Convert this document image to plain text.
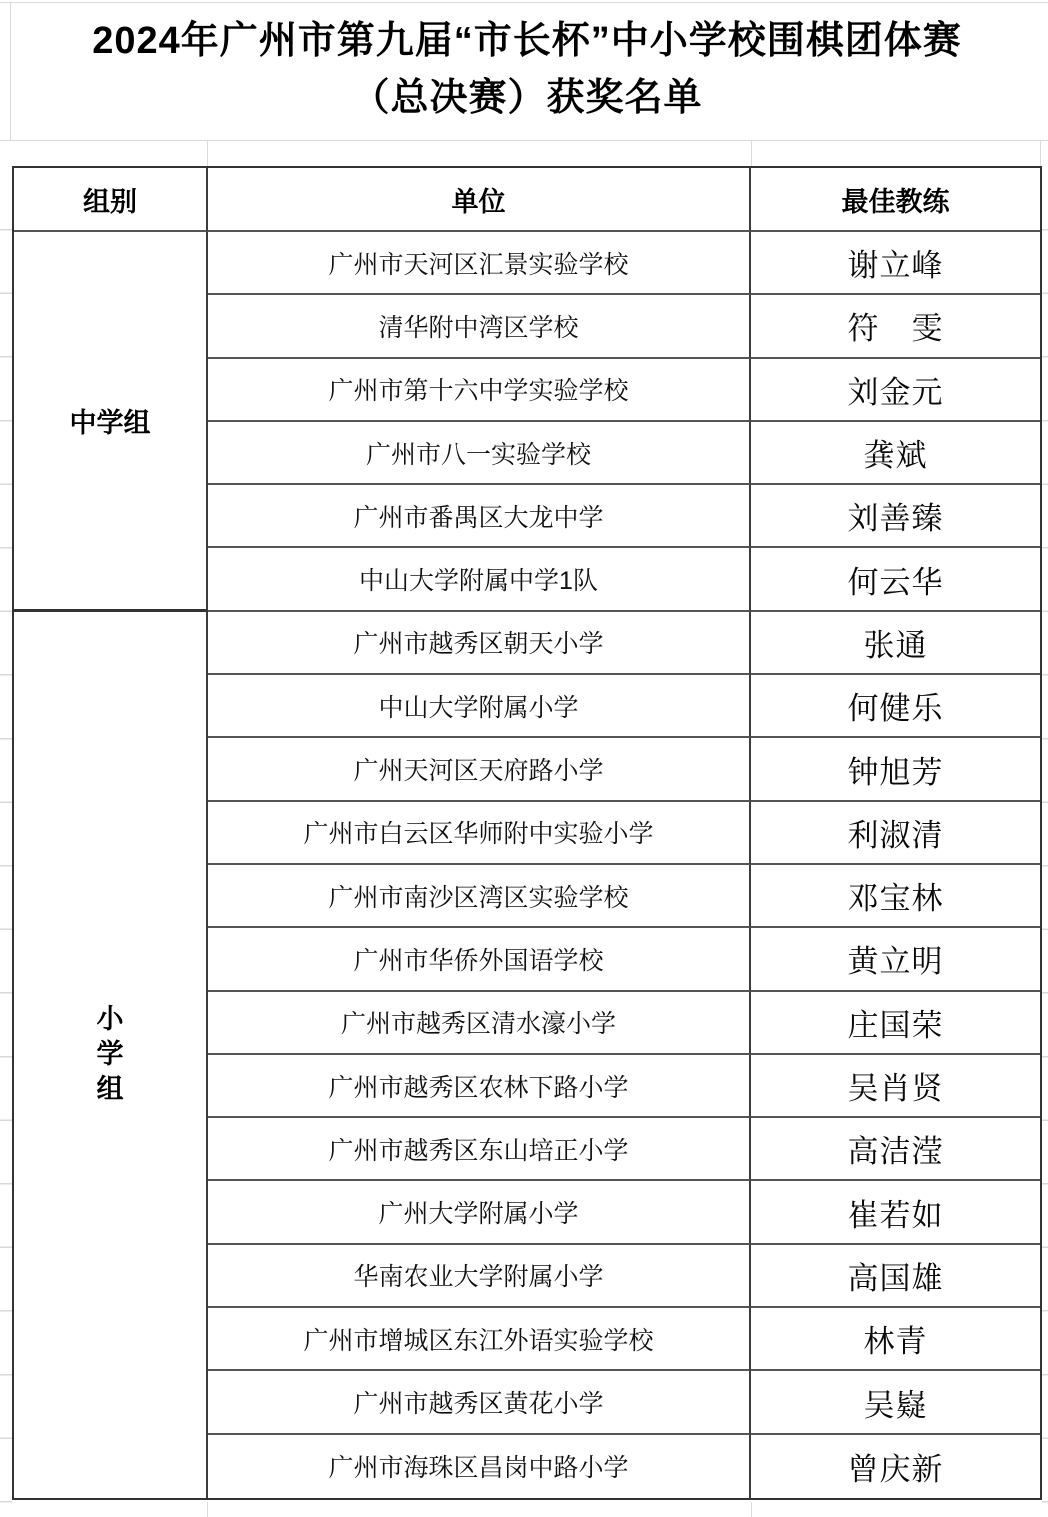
2024年广州市第九届“市长杯”中小学校围棋团体赛
（总决赛）获奖名单
组别	单位	最佳教练
中学组
广州市天河区汇景实验学校	谢立峰
清华附中湾区学校	符　雯
广州市第十六中学实验学校	刘金元
广州市八一实验学校	龚斌
广州市番禺区大龙中学	刘善臻
中山大学附属中学1队	何云华
小学组
广州市越秀区朝天小学	张通
中山大学附属小学	何健乐
广州天河区天府路小学	钟旭芳
广州市白云区华师附中实验小学	利淑清
广州市南沙区湾区实验学校	邓宝林
广州市华侨外国语学校	黄立明
广州市越秀区清水濠小学	庄国荣
广州市越秀区农林下路小学	吴肖贤
广州市越秀区东山培正小学	高洁滢
广州大学附属小学	崔若如
华南农业大学附属小学	高国雄
广州市增城区东江外语实验学校	林青
广州市越秀区黄花小学	吴嶷
广州市海珠区昌岗中路小学	曾庆新
